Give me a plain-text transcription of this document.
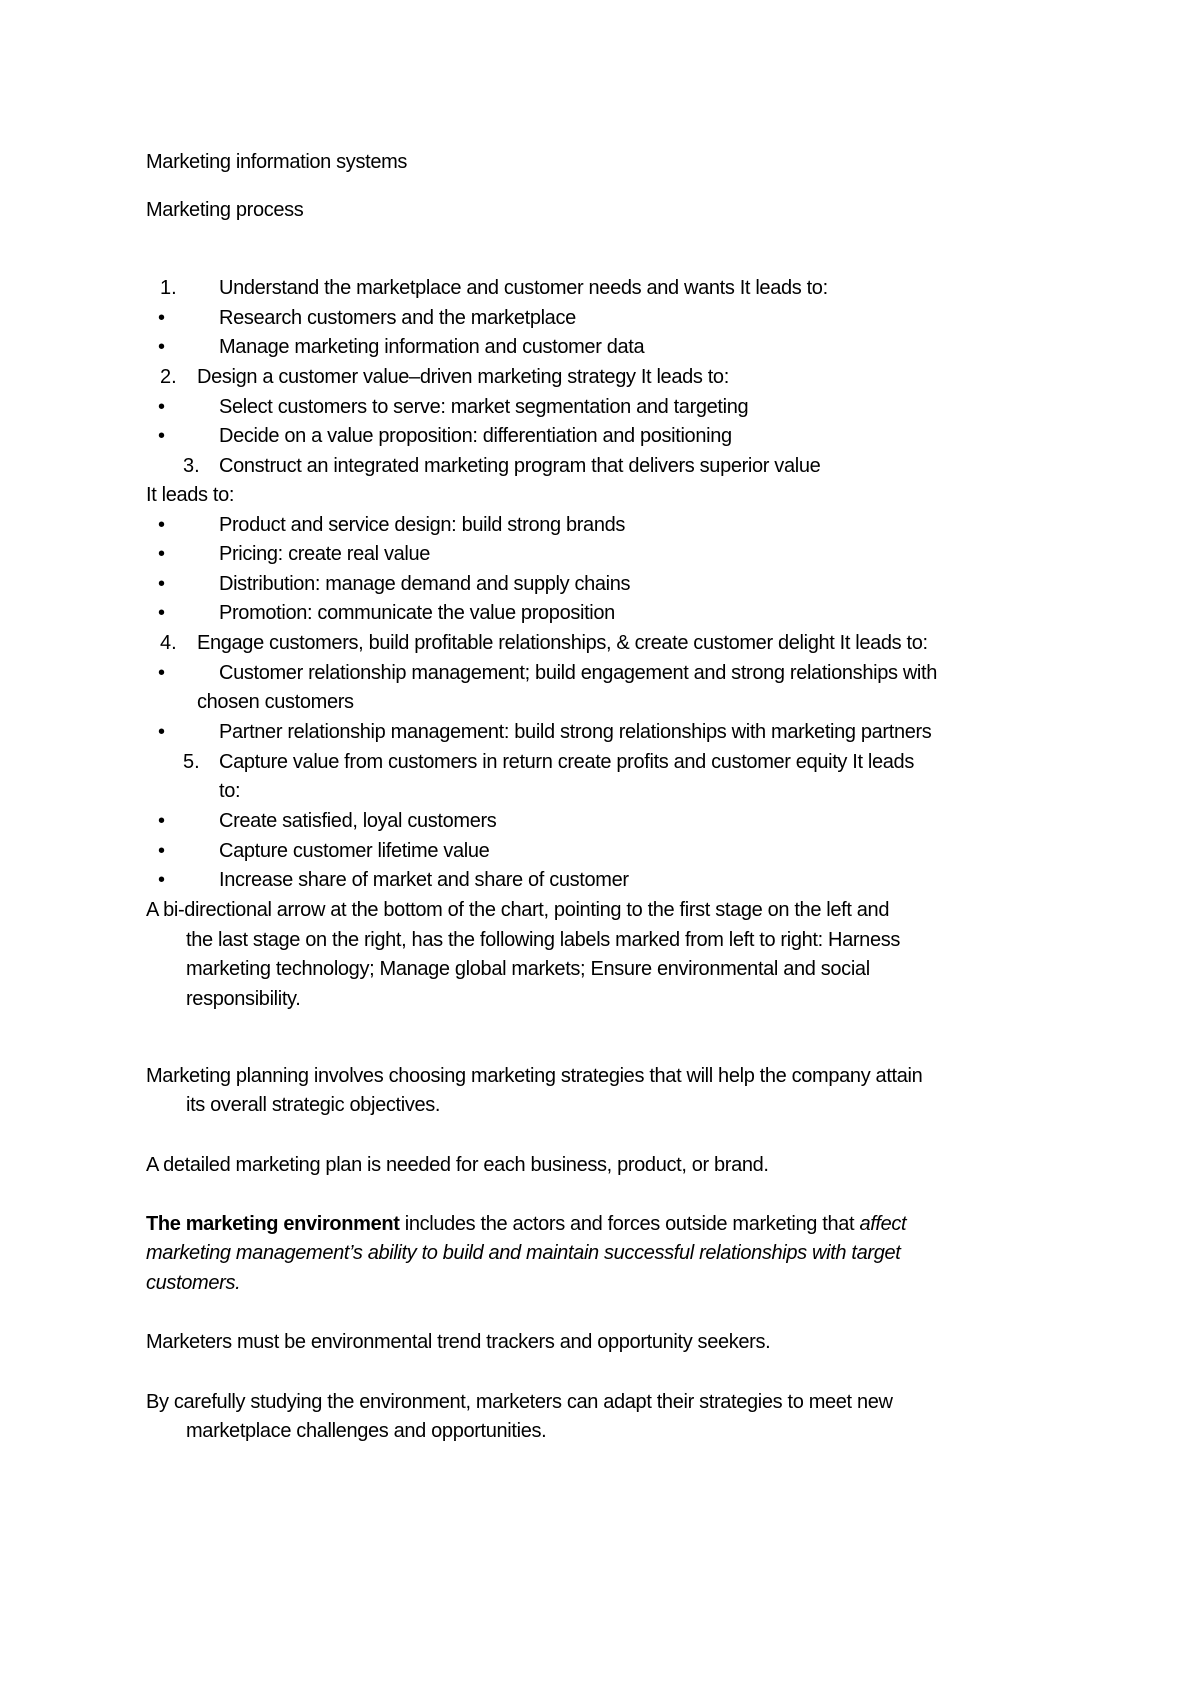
Marketing information systems
Marketing process
1. Understand the marketplace and customer needs and wants It leads to:
•	Research customers and the marketplace
•	Manage marketing information and customer data
2. Design a customer value–driven marketing strategy It leads to:
•	Select customers to serve: market segmentation and targeting
•	Decide on a value proposition: differentiation and positioning
3. Construct an integrated marketing program that delivers superior value
It leads to:
•	Product and service design: build strong brands
•	Pricing: create real value
•	Distribution: manage demand and supply chains
•	Promotion: communicate the value proposition
4. Engage customers, build profitable relationships, & create customer delight It leads to:
•	Customer relationship management; build engagement and strong relationships with
chosen customers
•	Partner relationship management: build strong relationships with marketing partners
5. Capture value from customers in return create profits and customer equity It leads
to:
•	Create satisfied, loyal customers
•	Capture customer lifetime value
•	Increase share of market and share of customer
A bi-directional arrow at the bottom of the chart, pointing to the first stage on the left and
the last stage on the right, has the following labels marked from left to right: Harness
marketing technology; Manage global markets; Ensure environmental and social
responsibility.
Marketing planning involves choosing marketing strategies that will help the company attain
its overall strategic objectives.
A detailed marketing plan is needed for each business, product, or brand.
The marketing environment includes the actors and forces outside marketing that affect
marketing management’s ability to build and maintain successful relationships with target
customers.
Marketers must be environmental trend trackers and opportunity seekers.
By carefully studying the environment, marketers can adapt their strategies to meet new
marketplace challenges and opportunities.
